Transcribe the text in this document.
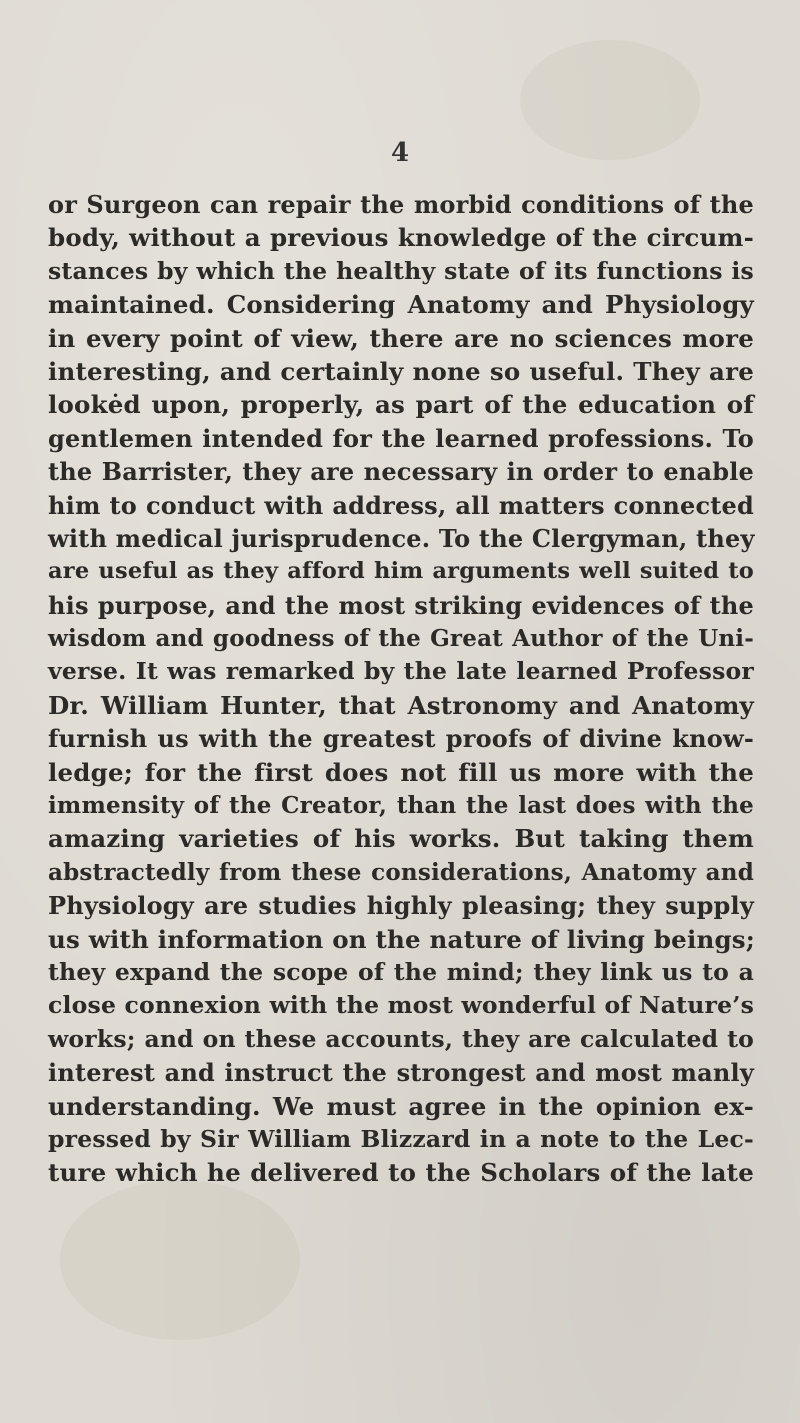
4
or Surgeon can repair the morbid conditions of the
body, without a previous knowledge of the circum-
stances by which the healthy state of its functions is
maintained. Considering Anatomy and Physiology
in every point of view, there are no sciences more
interesting, and certainly none so useful. They are
lookėd upon, properly, as part of the education of
gentlemen intended for the learned professions. To
the Barrister, they are necessary in order to enable
him to conduct with address, all matters connected
with medical jurisprudence. To the Clergyman, they
are useful as they afford him arguments well suited to
his purpose, and the most striking evidences of the
wisdom and goodness of the Great Author of the Uni-
verse. It was remarked by the late learned Professor
Dr. William Hunter, that Astronomy and Anatomy
furnish us with the greatest proofs of divine know-
ledge; for the first does not fill us more with the
immensity of the Creator, than the last does with the
amazing varieties of his works. But taking them
abstractedly from these considerations, Anatomy and
Physiology are studies highly pleasing; they supply
us with information on the nature of living beings;
they expand the scope of the mind; they link us to a
close connexion with the most wonderful of Nature’s
works; and on these accounts, they are calculated to
interest and instruct the strongest and most manly
understanding. We must agree in the opinion ex-
pressed by Sir William Blizzard in a note to the Lec-
ture which he delivered to the Scholars of the late
